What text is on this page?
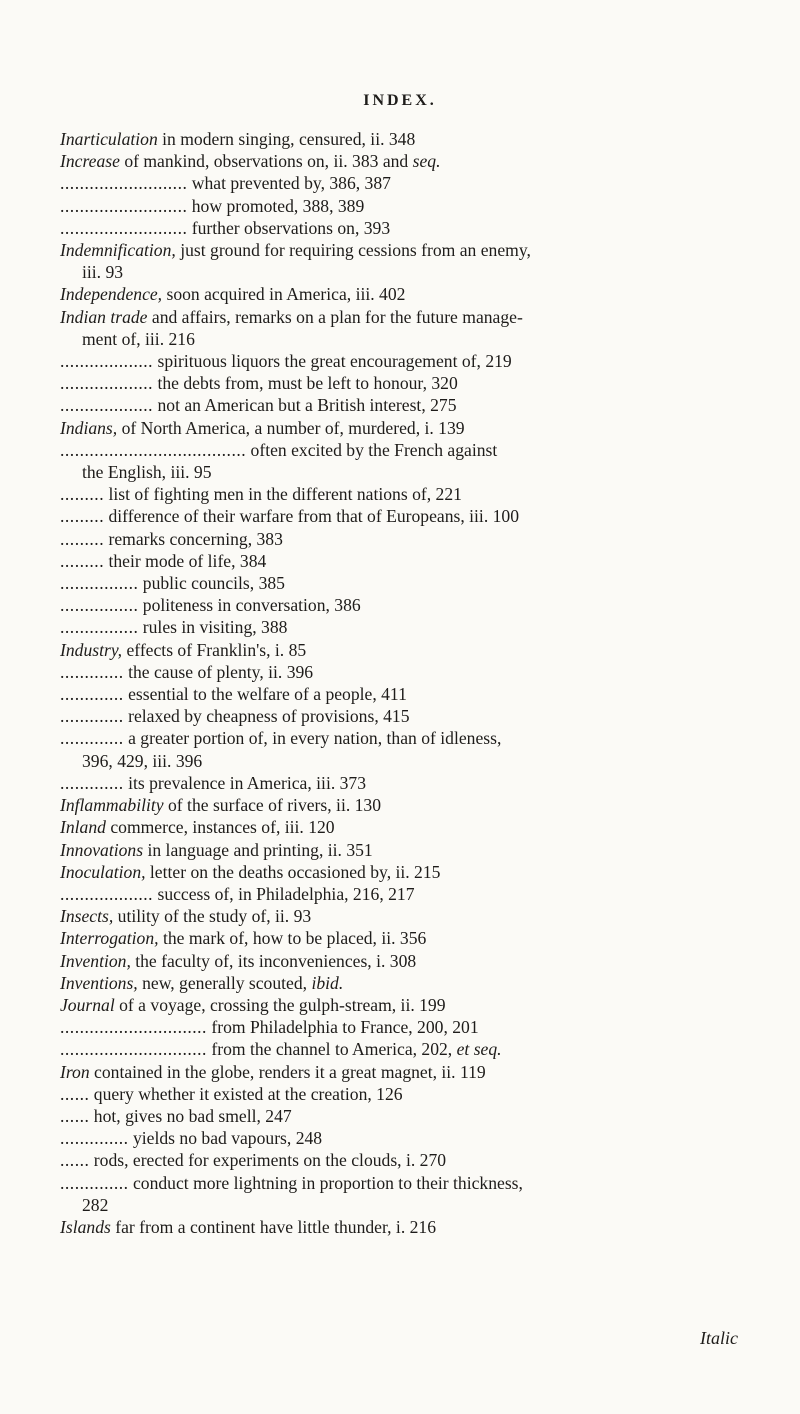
INDEX.
Inarticulation in modern singing, censured, ii. 348
Increase of mankind, observations on, ii. 383 and seq.
.......................... what prevented by, 386, 387
.......................... how promoted, 388, 389
.......................... further observations on, 393
Indemnification, just ground for requiring cessions from an enemy,
iii. 93
Independence, soon acquired in America, iii. 402
Indian trade and affairs, remarks on a plan for the future manage-
ment of, iii. 216
................... spirituous liquors the great encouragement of, 219
................... the debts from, must be left to honour, 320
................... not an American but a British interest, 275
Indians, of North America, a number of, murdered, i. 139
...................................... often excited by the French against
the English, iii. 95
......... list of fighting men in the different nations of, 221
......... difference of their warfare from that of Europeans, iii. 100
......... remarks concerning, 383
......... their mode of life, 384
................ public councils, 385
................ politeness in conversation, 386
................ rules in visiting, 388
Industry, effects of Franklin's, i. 85
............. the cause of plenty, ii. 396
............. essential to the welfare of a people, 411
............. relaxed by cheapness of provisions, 415
............. a greater portion of, in every nation, than of idleness,
396, 429, iii. 396
............. its prevalence in America, iii. 373
Inflammability of the surface of rivers, ii. 130
Inland commerce, instances of, iii. 120
Innovations in language and printing, ii. 351
Inoculation, letter on the deaths occasioned by, ii. 215
................... success of, in Philadelphia, 216, 217
Insects, utility of the study of, ii. 93
Interrogation, the mark of, how to be placed, ii. 356
Invention, the faculty of, its inconveniences, i. 308
Inventions, new, generally scouted, ibid.
Journal of a voyage, crossing the gulph-stream, ii. 199
.............................. from Philadelphia to France, 200, 201
.............................. from the channel to America, 202, et seq.
Iron contained in the globe, renders it a great magnet, ii. 119
...... query whether it existed at the creation, 126
...... hot, gives no bad smell, 247
.............. yields no bad vapours, 248
...... rods, erected for experiments on the clouds, i. 270
.............. conduct more lightning in proportion to their thickness,
282
Islands far from a continent have little thunder, i. 216
Italic
